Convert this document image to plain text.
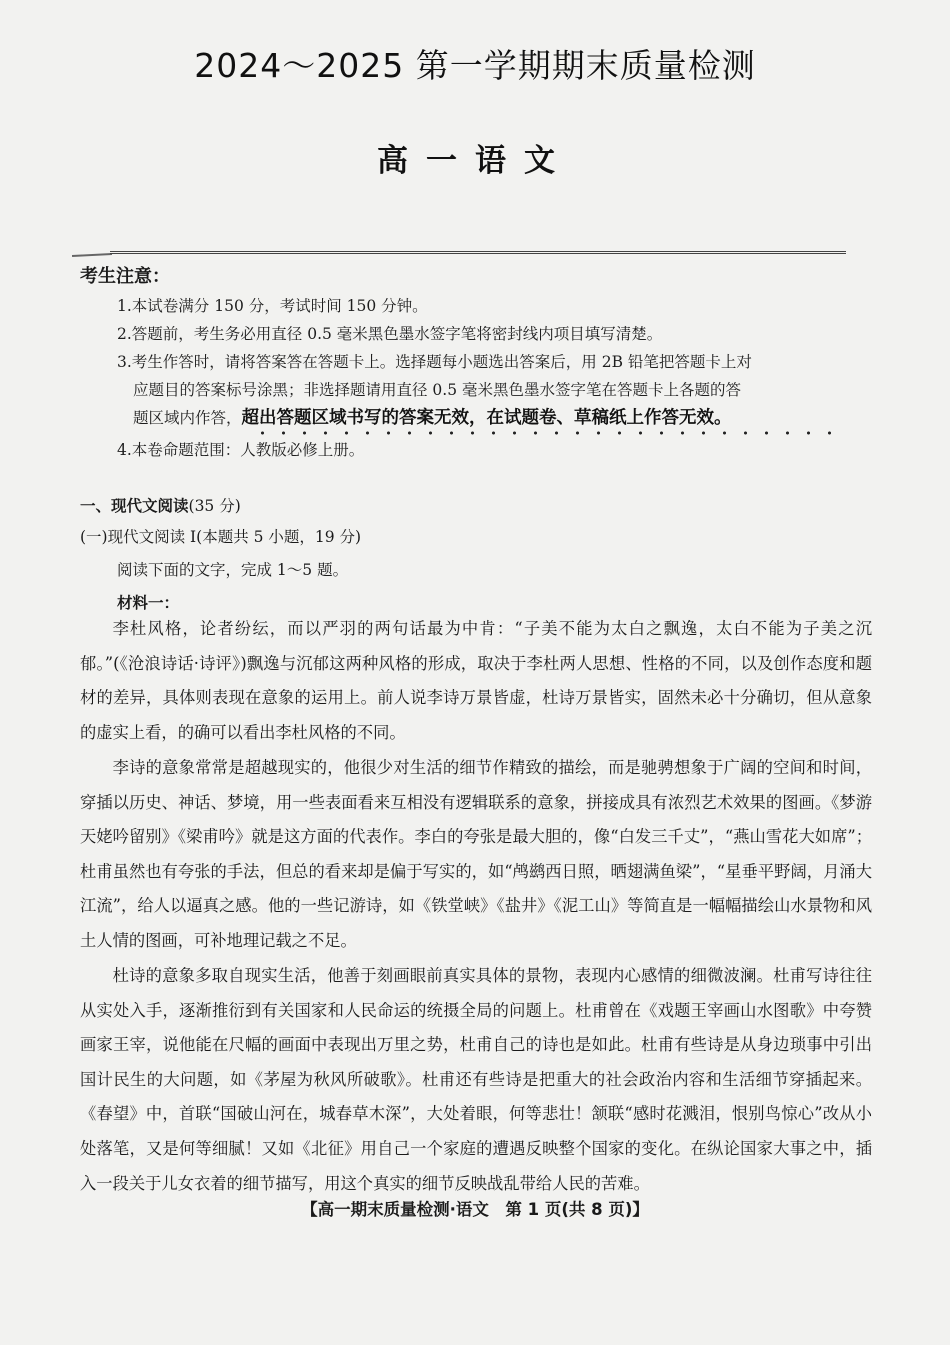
2024～2025 第一学期期末质量检测
高一语文
考生注意：
1.本试卷满分 150 分，考试时间 150 分钟。
2.答题前，考生务必用直径 0.5 毫米黑色墨水签字笔将密封线内项目填写清楚。
3.考生作答时，请将答案答在答题卡上。选择题每小题选出答案后，用 2B 铅笔把答题卡上对
应题目的答案标号涂黑；非选择题请用直径 0.5 毫米黑色墨水签字笔在答题卡上各题的答
题区域内作答，超出答题区域书写的答案无效，在试题卷、草稿纸上作答无效。
4.本卷命题范围：人教版必修上册。
一、现代文阅读(35 分)
(一)现代文阅读 I(本题共 5 小题，19 分)
阅读下面的文字，完成 1～5 题。
材料一：
李杜风格，论者纷纭，而以严羽的两句话最为中肯：“子美不能为太白之飘逸，太白不能为子美之沉郁。”(《沧浪诗话·诗评》)飘逸与沉郁这两种风格的形成，取决于李杜两人思想、性格的不同，以及创作态度和题材的差异，具体则表现在意象的运用上。前人说李诗万景皆虚，杜诗万景皆实，固然未必十分确切，但从意象的虚实上看，的确可以看出李杜风格的不同。
李诗的意象常常是超越现实的，他很少对生活的细节作精致的描绘，而是驰骋想象于广阔的空间和时间，穿插以历史、神话、梦境，用一些表面看来互相没有逻辑联系的意象，拼接成具有浓烈艺术效果的图画。《梦游天姥吟留别》《梁甫吟》就是这方面的代表作。李白的夸张是最大胆的，像“白发三千丈”，“燕山雪花大如席”；杜甫虽然也有夸张的手法，但总的看来却是偏于写实的，如“鸬鹚西日照，晒翅满鱼梁”，“星垂平野阔，月涌大江流”，给人以逼真之感。他的一些记游诗，如《铁堂峡》《盐井》《泥工山》等简直是一幅幅描绘山水景物和风土人情的图画，可补地理记载之不足。
杜诗的意象多取自现实生活，他善于刻画眼前真实具体的景物，表现内心感情的细微波澜。杜甫写诗往往从实处入手，逐渐推衍到有关国家和人民命运的统摄全局的问题上。杜甫曾在《戏题王宰画山水图歌》中夸赞画家王宰，说他能在尺幅的画面中表现出万里之势，杜甫自己的诗也是如此。杜甫有些诗是从身边琐事中引出国计民生的大问题，如《茅屋为秋风所破歌》。杜甫还有些诗是把重大的社会政治内容和生活细节穿插起来。《春望》中，首联“国破山河在，城春草木深”，大处着眼，何等悲壮！颔联“感时花溅泪，恨别鸟惊心”改从小处落笔，又是何等细腻！又如《北征》用自己一个家庭的遭遇反映整个国家的变化。在纵论国家大事之中，插入一段关于儿女衣着的细节描写，用这个真实的细节反映战乱带给人民的苦难。
【高一期末质量检测·语文　第 1 页(共 8 页)】
